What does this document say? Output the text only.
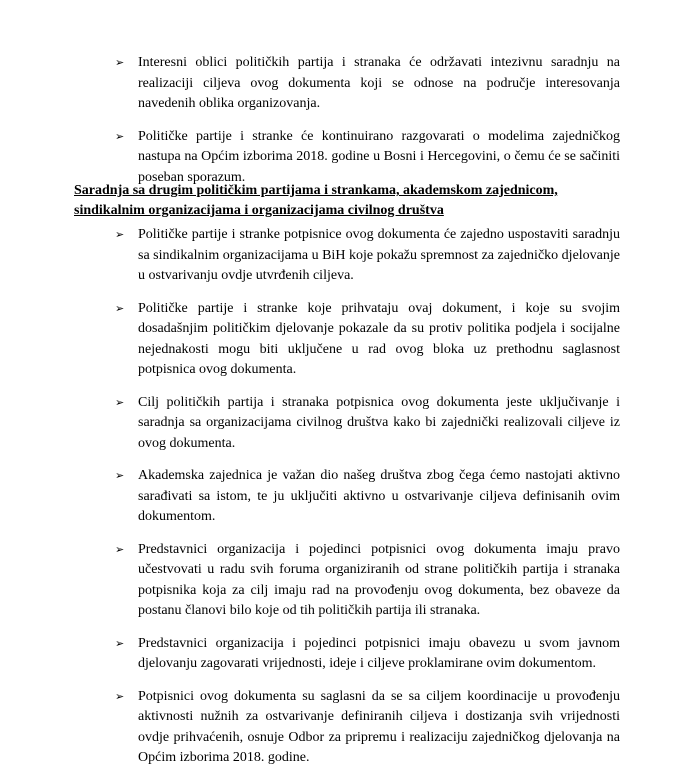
➢ Interesni oblici političkih partija i stranaka će održavati intezivnu saradnju na realizaciji ciljeva ovog dokumenta koji se odnose na područje interesovanja navedenih oblika organizovanja.
➢ Političke partije i stranke će kontinuirano razgovarati o modelima zajedničkog nastupa na Općim izborima 2018. godine u Bosni i Hercegovini, o čemu će se sačiniti poseban sporazum.
Saradnja sa drugim političkim partijama i strankama, akademskom zajednicom,
sindikalnim organizacijama i organizacijama civilnog društva
➢ Političke partije i stranke potpisnice ovog dokumenta će zajedno uspostaviti saradnju sa sindikalnim organizacijama u BiH koje pokažu spremnost za zajedničko djelovanje u ostvarivanju ovdje utvrđenih ciljeva.
➢ Političke partije i stranke koje prihvataju ovaj dokument, i koje su svojim dosadašnjim političkim djelovanje pokazale da su protiv politika podjela i socijalne nejednakosti mogu biti uključene u rad ovog bloka uz prethodnu saglasnost potpisnica ovog dokumenta.
➢ Cilj političkih partija i stranaka potpisnica ovog dokumenta jeste uključivanje i saradnja sa organizacijama civilnog društva kako bi zajednički realizovali ciljeve iz ovog dokumenta.
➢ Akademska zajednica je važan dio našeg društva zbog čega ćemo nastojati aktivno sarađivati sa istom, te ju uključiti aktivno u ostvarivanje ciljeva definisanih ovim dokumentom.
➢ Predstavnici organizacija i pojedinci potpisnici ovog dokumenta imaju pravo učestvovati u radu svih foruma organiziranih od strane političkih partija i stranaka potpisnika koja za cilj imaju rad na provođenju ovog dokumenta, bez obaveze da postanu članovi bilo koje od tih političkih partija ili stranaka.
➢ Predstavnici organizacija i pojedinci potpisnici imaju obavezu u svom javnom djelovanju zagovarati vrijednosti, ideje i ciljeve proklamirane ovim dokumentom.
➢ Potpisnici ovog dokumenta su saglasni da se sa ciljem koordinacije u provođenju aktivnosti nužnih za ostvarivanje definiranih ciljeva i dostizanja svih vrijednosti ovdje prihvaćenih, osnuje Odbor za pripremu i realizaciju zajedničkog djelovanja na Općim izborima 2018. godine.
